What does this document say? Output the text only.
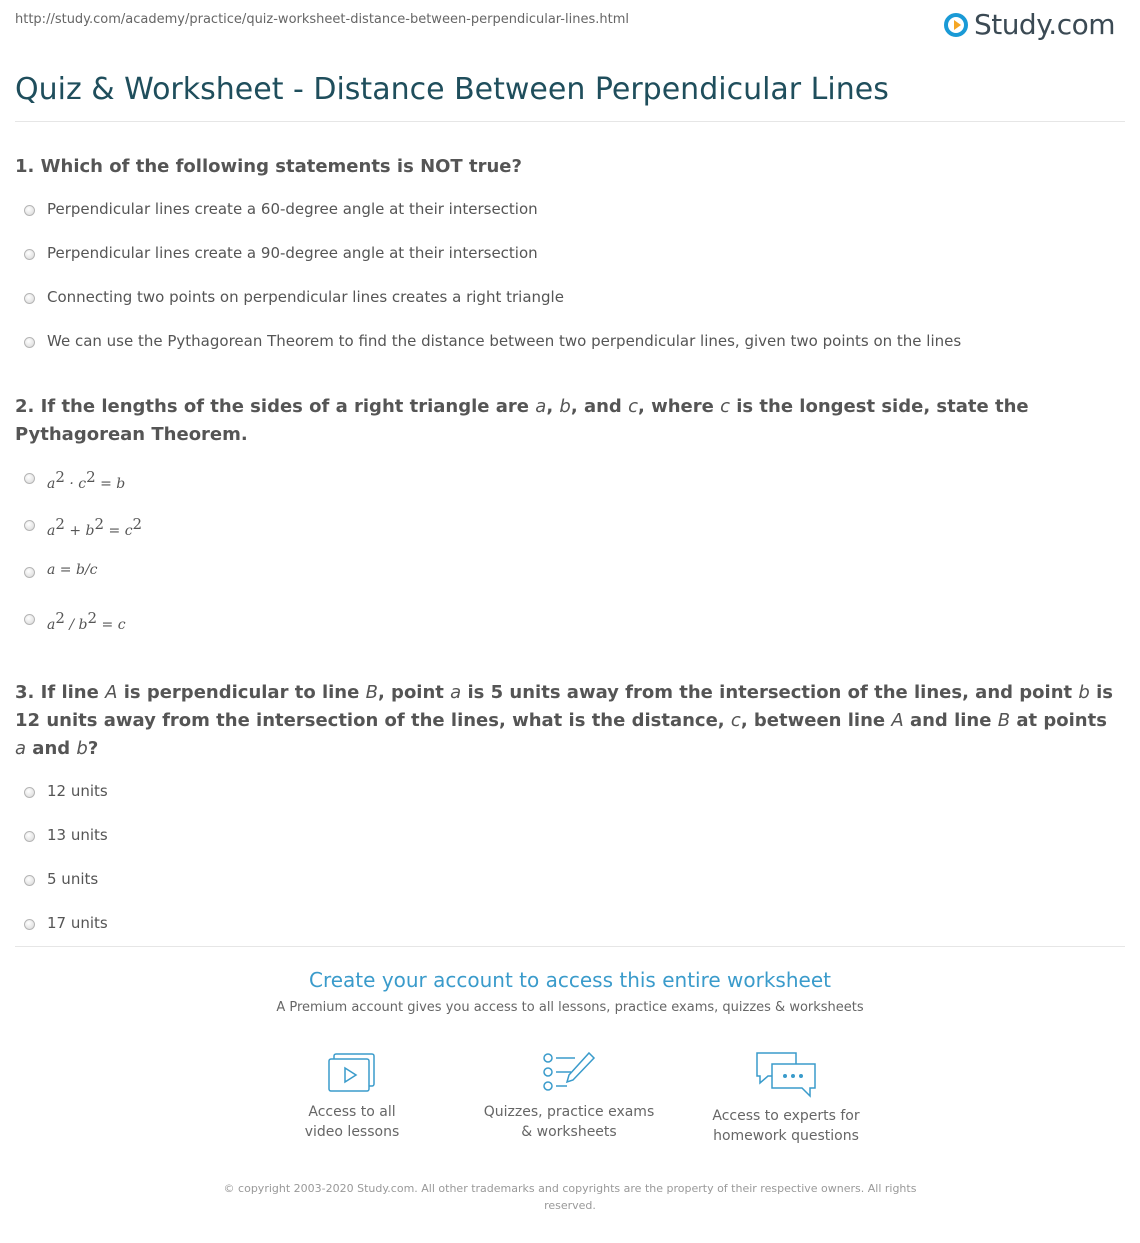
http://study.com/academy/practice/quiz-worksheet-distance-between-perpendicular-lines.html	Study.com
Quiz & Worksheet - Distance Between Perpendicular Lines

1. Which of the following statements is NOT true?

Perpendicular lines create a 60-degree angle at their intersection
Perpendicular lines create a 90-degree angle at their intersection
Connecting two points on perpendicular lines creates a right triangle
We can use the Pythagorean Theorem to find the distance between two perpendicular lines, given two points on the lines

2. If the lengths of the sides of a right triangle are a, b, and c, where c is the longest side, state the Pythagorean Theorem.

$a^2 \cdot c^2 = b$
$a^2 + b^2 = c^2$
a = b/c
$a^2 / b^2 = c$

3. If line A is perpendicular to line B, point a is 5 units away from the intersection of the lines, and point b is 12 units away from the intersection of the lines, what is the distance, c, between line A and line B at points a and b?

12 units
13 units
5 units
17 units

Create your account to access this entire worksheet

A Premium account gives you access to all lessons, practice exams, quizzes & worksheets
Access to all
video lessons
Quizzes, practice exams
& worksheets
Access to experts for
homework questions
© copyright 2003-2020 Study.com. All other trademarks and copyrights are the property of their respective owners. All rights
reserved.
